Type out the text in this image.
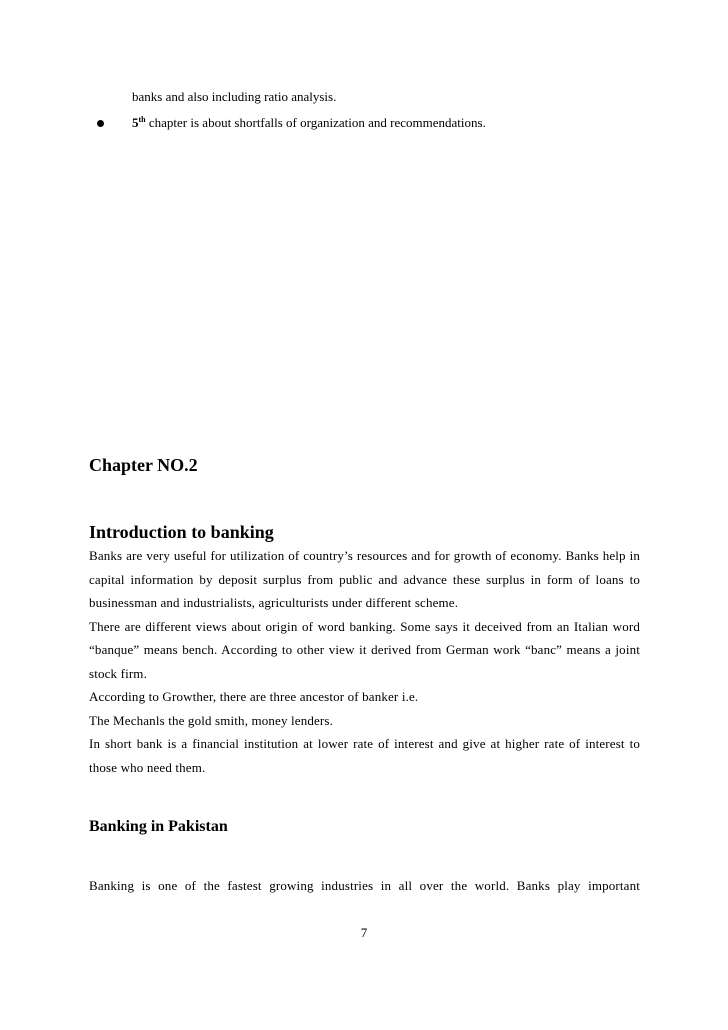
banks and also including ratio analysis.
5th chapter is about shortfalls of organization and recommendations.
Chapter NO.2
Introduction to banking

Banks are very useful for utilization of country’s resources and for growth of economy. Banks help in capital information by deposit surplus from public and advance these surplus in form of loans to businessman and industrialists, agriculturists under different scheme.

There are different views about origin of word banking. Some says it deceived from an Italian word “banque” means bench. According to other view it derived from German work “banc” means a joint stock firm.

According to Growther, there are three ancestor of banker i.e.

The Mechanls the gold smith, money lenders.

In short bank is a financial institution at lower rate of interest and give at higher rate of interest to those who need them.

Banking in Pakistan

Banking is one of the fastest growing industries in all over the world. Banks play important

7
